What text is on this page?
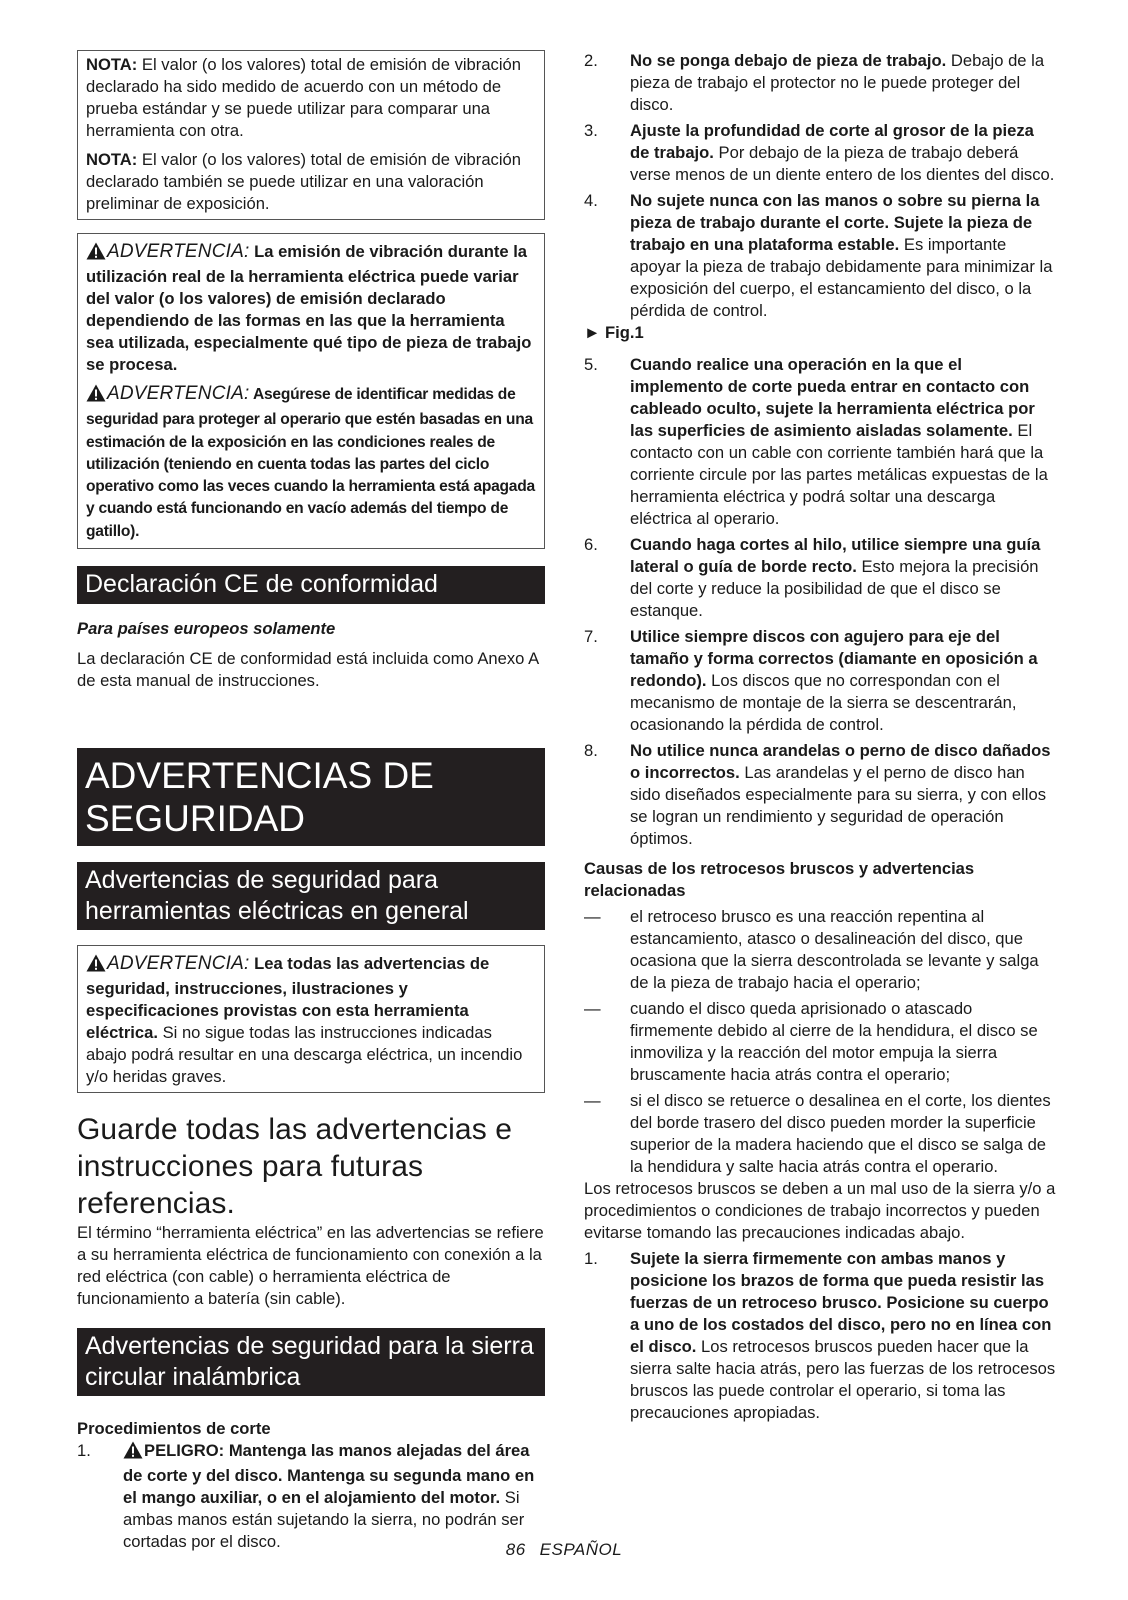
NOTA: El valor (o los valores) total de emisión de vibración declarado ha sido medido de acuerdo con un método de prueba estándar y se puede utilizar para comparar una herramienta con otra.

NOTA: El valor (o los valores) total de emisión de vibración declarado también se puede utilizar en una valoración preliminar de exposición.

ADVERTENCIA: La emisión de vibración durante la utilización real de la herramienta eléctrica puede variar del valor (o los valores) de emisión declarado dependiendo de las formas en las que la herramienta sea utilizada, especialmente qué tipo de pieza de trabajo se procesa.

ADVERTENCIA: Asegúrese de identificar medidas de seguridad para proteger al operario que estén basadas en una estimación de la exposición en las condiciones reales de utilización (teniendo en cuenta todas las partes del ciclo operativo como las veces cuando la herramienta está apagada y cuando está funcionando en vacío además del tiempo de gatillo).

Declaración CE de conformidad

Para países europeos solamente

La declaración CE de conformidad está incluida como Anexo A de esta manual de instrucciones.

ADVERTENCIAS DE SEGURIDAD
Advertencias de seguridad para herramientas eléctricas en general

ADVERTENCIA: Lea todas las advertencias de seguridad, instrucciones, ilustraciones y especificaciones provistas con esta herramienta eléctrica. Si no sigue todas las instrucciones indicadas abajo podrá resultar en una descarga eléctrica, un incendio y/o heridas graves.

Guarde todas las advertencias e instrucciones para futuras referencias.

El término “herramienta eléctrica” en las advertencias se refiere a su herramienta eléctrica de funcionamiento con conexión a la red eléctrica (con cable) o herramienta eléctrica de funcionamiento a batería (sin cable).

Advertencias de seguridad para la sierra circular inalámbrica

Procedimientos de corte

1.	PELIGRO: Mantenga las manos alejadas del área de corte y del disco. Mantenga su segunda mano en el mango auxiliar, o en el alojamiento del motor. Si ambas manos están sujetando la sierra, no podrán ser cortadas por el disco.
2.	No se ponga debajo de pieza de trabajo. Debajo de la pieza de trabajo el protector no le puede proteger del disco.
3.	Ajuste la profundidad de corte al grosor de la pieza de trabajo. Por debajo de la pieza de trabajo deberá verse menos de un diente entero de los dientes del disco.
4.	No sujete nunca con las manos o sobre su pierna la pieza de trabajo durante el corte. Sujete la pieza de trabajo en una plataforma estable. Es importante apoyar la pieza de trabajo debidamente para minimizar la exposición del cuerpo, el estancamiento del disco, o la pérdida de control.

► Fig.1

5.	Cuando realice una operación en la que el implemento de corte pueda entrar en contacto con cableado oculto, sujete la herramienta eléctrica por las superficies de asimiento aisladas solamente. El contacto con un cable con corriente también hará que la corriente circule por las partes metálicas expuestas de la herramienta eléctrica y podrá soltar una descarga eléctrica al operario.
6.	Cuando haga cortes al hilo, utilice siempre una guía lateral o guía de borde recto. Esto mejora la precisión del corte y reduce la posibilidad de que el disco se estanque.
7.	Utilice siempre discos con agujero para eje del tamaño y forma correctos (diamante en oposición a redondo). Los discos que no correspondan con el mecanismo de montaje de la sierra se descentrarán, ocasionando la pérdida de control.
8.	No utilice nunca arandelas o perno de disco dañados o incorrectos. Las arandelas y el perno de disco han sido diseñados especialmente para su sierra, y con ellos se logran un rendimiento y seguridad de operación óptimos.

Causas de los retrocesos bruscos y advertencias relacionadas

—	el retroceso brusco es una reacción repentina al estancamiento, atasco o desalineación del disco, que ocasiona que la sierra descontrolada se levante y salga de la pieza de trabajo hacia el operario;
—	cuando el disco queda aprisionado o atascado firmemente debido al cierre de la hendidura, el disco se inmoviliza y la reacción del motor empuja la sierra bruscamente hacia atrás contra el operario;
—	si el disco se retuerce o desalinea en el corte, los dientes del borde trasero del disco pueden morder la superficie superior de la madera haciendo que el disco se salga de la hendidura y salte hacia atrás contra el operario.

Los retrocesos bruscos se deben a un mal uso de la sierra y/o a procedimientos o condiciones de trabajo incorrectos y pueden evitarse tomando las precauciones indicadas abajo.

1.	Sujete la sierra firmemente con ambas manos y posicione los brazos de forma que pueda resistir las fuerzas de un retroceso brusco. Posicione su cuerpo a uno de los costados del disco, pero no en línea con el disco. Los retrocesos bruscos pueden hacer que la sierra salte hacia atrás, pero las fuerzas de los retrocesos bruscos las puede controlar el operario, si toma las precauciones apropiadas.
86 ESPAÑOL
